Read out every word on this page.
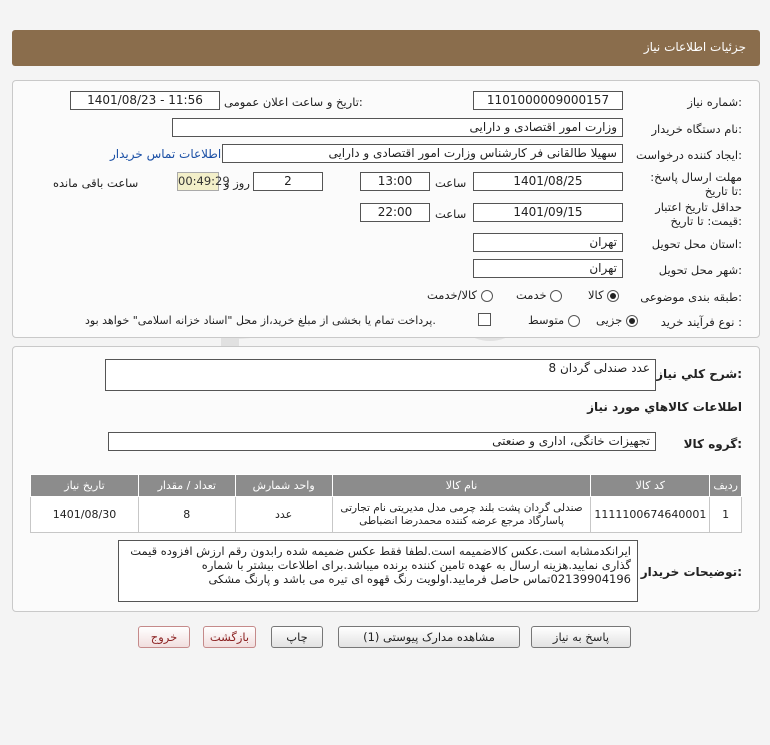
جزئیات اطلاعات نیاز
شماره نیاز:
1101000009000157
تاریخ و ساعت اعلان عمومی:
1401/08/23 - 11:56
نام دستگاه خریدار:
وزارت امور اقتصادی و دارایی
ایجاد کننده درخواست:
سهیلا طالقانی فر کارشناس وزارت امور اقتصادی و دارایی
اطلاعات تماس خریدار
مهلت ارسال پاسخ: تا تاریخ:
1401/08/25
ساعت
13:00
2
روز و
00:49:29
ساعت باقی مانده
حداقل تاریخ اعتبار قیمت: تا تاریخ:
1401/09/15
ساعت
22:00
استان محل تحویل:
تهران
شهر محل تحویل:
تهران
طبقه بندی موضوعی:
کالا
خدمت
کالا/خدمت
نوع فرآیند خرید :
جزیی
متوسط
پرداخت تمام یا بخشی از مبلغ خرید،از محل "اسناد خزانه اسلامی" خواهد بود.
شرح کلي نياز:
8 عدد صندلی گردان
اطلاعات کالاهاي مورد نياز
گروه کالا:
تجهیزات خانگی، اداری و صنعتی
ردیف	کد کالا	نام کالا	واحد شمارش	تعداد / مقدار	تاریخ نیاز
1	1111100674640001	صندلی گردان پشت بلند چرمی مدل مدیریتی نام تجارتی پاسارگاد مرجع عرضه کننده محمدرضا انضباطی	عدد	8	1401/08/30
توضیحات خریدار:
ایرانکدمشابه است.عکس کالاضمیمه است.لطفا فقط عکس ضمیمه شده رابدون رقم ارزش افزوده قیمت گذاری نمایید.هزینه ارسال به عهده تامین کننده برنده میباشد.برای اطلاعات بیشتر با شماره 02139904196تماس حاصل فرمایید.اولویت رنگ قهوه ای تیره می باشد و پارنگ مشکی
پاسخ به نیاز
مشاهده مدارک پیوستی (1)
چاپ
بازگشت
خروج
